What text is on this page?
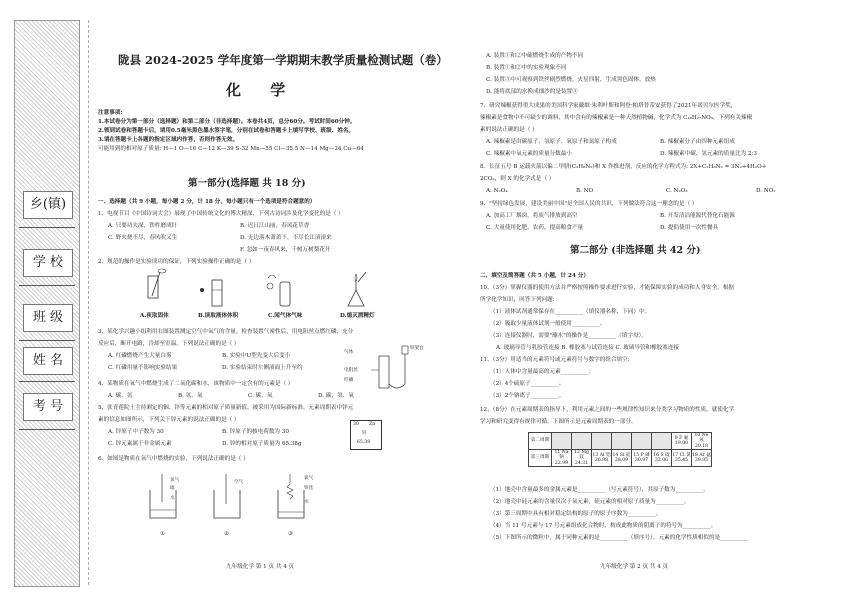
乡(镇)
学 校
班 级
姓 名
考 号
陇县 2024-2025 学年度第一学期期末教学质量检测试题（卷）
化 学
注意事项:
1.本试卷分为第一部分（选择题）和第二部分（非选择题）。本卷共4页，总分60分。考试时间60分钟。
2.领到试卷和答题卡后，请用0.5毫米黑色墨水签字笔，分别在试卷和答题卡上填写学校、班级、姓名。
3.请在答题卡上各题的指定区域内作答，否则作答无效。
可能用到的相对原子质量: H—1 O—16 C—12 K—39 S-32 Mn—55 Cl—35.5 N—14 Mg—24 Cu—64
第一部分(选择题 共 18 分)
一、选择题（共 9 小题，每小题 2 分，计 18 分，每小题只有一个选项是符合题意的）
1、电视节目《中国诗词大会》展现了中国传统文化的博大精深，下列古诗词涉及化学变化的是（ ）
A. 只要功夫深，铁杵磨成针	B. 迟日江山丽，春风花草香
C. 野火烧不尽，春风吹又生	D. 无边落木萧萧下，不尽长江滚滚来
F. 忽如一夜春风来，千树万树梨花开
2、规范的操作是实验成功的保证，下列实验操作正确的是（ ）
A.夜取固体	B.读取液体体积	C.闻气体气味	D.熄灭酒精灯
3、某化学兴趣小组利用右图装置测定空气中氧气的含量。检查装置气密性后，用电阻丝点燃红磷，充分
反应后，断开电路，冷却至室温。下列说法正确的是（ ）
A. 红磷燃烧产生大量白雾	B. 实验中U型先变大后变小
C. 红磷用量不影响实验结果	D. 实验结束时左侧液面上升至约
气体
铁架台
电阻丝
红磷
4、某物质在氧气中燃烧生成了二氧化碳和水，该物质中一定含有的元素是（ ）
A. 碳、氢	B. 氢、氧	C. 碳、氧	D. 碳、氢、氧
5、张青莲院士主持测定的铟、锌等元素的相对原子质量新值，被采用为国际新标准。元素周期表中锌元
素的信息如图所示，下列关于锌元素的说法正确的是（ ）
A. 锌原子中子数为 30	B. 锌原子的核电荷数为 30
C. 锌元素属于非金属元素	D. 锌的相对原子质量为 65.38g
30 Zn
锌
65.38
6、如图是物质在氧气中燃烧的实验，下列说法正确的是（ ）
氧气
硫
水
空气
氧气
铁丝
水
①	②	③
九年级化学 第 1 页 共 4 页
A. 装置①和②中硫燃烧生成的产物不同
B. 装置①和②中的实验现象不同
C. 装置③中可观察到铁丝剧烈燃烧，火星四射，生成黑色固体，放热
D. 能将底部的水换成细沙的是装置③
7、研究辣椒获得重大成果的美国科学家戴维·朱利叶斯和阿登·帕塔普蒂安获得了2021年诺贝尔医学奖，
辣椒素是食物中不可缺少的调料，其中含有的辣椒素是一种天然植物碱，化学式为 C₁₈H₂₇NO₃。下列有关辣椒
素的说法正确的是（ ）
A. 辣椒素是由碳原子、氢原子、氧原子和氮原子构成	B. 辣椒素分子由四种元素组成
C. 辣椒素中氧元素的质量分数最小	D. 辣椒素中碳、氢元素的质量比为 2:3
8、长征五号 B 运载火箭以偏二甲肼(C₂H₈N₂)和 X 作推进剂，反应的化学方程式为: 2X+C₂H₈N₂ = 3N₂+4H₂O+
2CO₂，则 X 的化学式是（ ）
A. N₂O₄	B. NO	C. N₂O₃	D. NO₂
9、"坚持绿色发展，建设美丽中国"是全国人民的共识，下列做法符合这一理念的是（ ）
A. 加高工厂烟囱，将废气排放到高空	B. 开发清洁能源代替化石能源
C. 大量使用化肥、农药，提高粮食产量	D. 提倡使用一次性餐具
第二部分 (非选择题 共 42 分)
二、填空及简答题（共 5 小题，计 24 分）
10、（3分）掌握仪器的使用方法并严格按照操作要求进行实验，才能保障实验的成功和人身安全。根据
所学化学知识，回答下列问题:
（1）液体试剂通常保存在__________（填仪器名称，下同）中。
（2）吸取少量液体试剂一般使用__________。
（3）连接仪器时，需要"蘸水"的操作是__________（填字母）。
A. 玻璃导管与乳胶管连接 B. 橡胶塞与试管连接 C. 玻璃导管和橡胶塞连接
11、（3分）用适当的元素符号或元素符号与数字的组合填空:
（1）人体中含量最高的元素__________；
（2）4个硫原子__________；
（3）2个钠离子__________。
12、（8分）在元素周期表的指导下，利用元素之间的一些规律性知识来分类学习物质的性质，就使化学
学习和研究变得有规律可循。下图所示是元素周期表的一部分。
第二周期							9 F 氟 19.00	10 Ne 氖 20.18
第三周期	11 Na 钠 22.99	12 Mg 镁 24.31	13 Al 铝 26.98	14 Si 硅 28.09	15 P 磷 30.97	16 S 硫 32.06	17 Cl 氯 35.45	18 Ar 氩 39.95
（1）地壳中含量最多的金属元素是__________（写元素符号），其原子数为__________。
（2）地壳中硅元素的含量仅次于氧元素，硅元素的相对原子质量为__________。
（3）第三周期中具有相对稳定结构的原子的原子序数为__________。
（4）当 11 号元素与 17 号元素组成化合物时，构成此物质的阴离子的符号为__________。
（5）下图所示的微粒中，属于同种元素的是__________（填序号），元素的化学性质相似的是__________
九年级化学 第 2 页 共 4 页
